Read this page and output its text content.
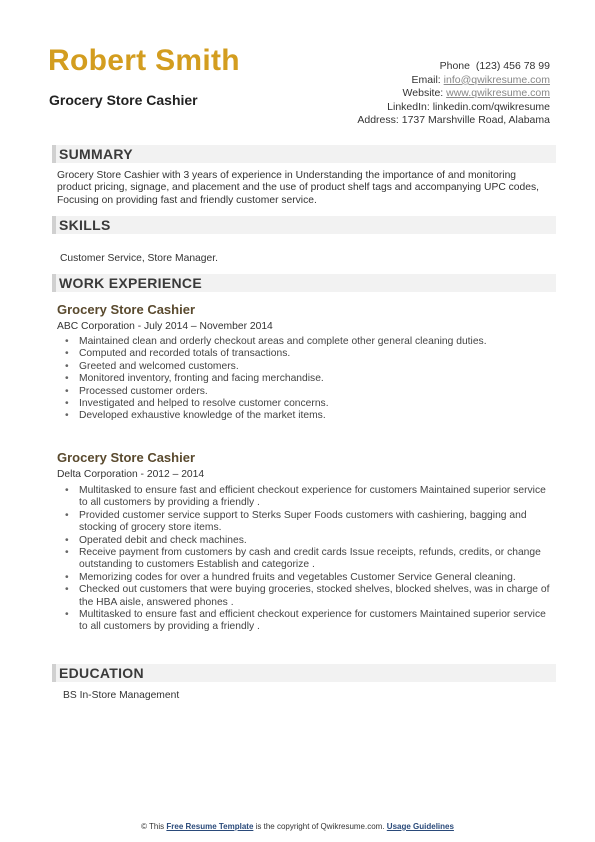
Robert Smith
Grocery Store Cashier
Phone (123) 456 78 99
Email: info@qwikresume.com
Website: www.qwikresume.com
LinkedIn: linkedin.com/qwikresume
Address: 1737 Marshville Road, Alabama
SUMMARY
Grocery Store Cashier with 3 years of experience in Understanding the importance of and monitoring product pricing, signage, and placement and the use of product shelf tags and accompanying UPC codes, Focusing on providing fast and friendly customer service.
SKILLS
Customer Service, Store Manager.
WORK EXPERIENCE
Grocery Store Cashier
ABC Corporation - July 2014 – November 2014
• Maintained clean and orderly checkout areas and complete other general cleaning duties.
• Computed and recorded totals of transactions.
• Greeted and welcomed customers.
• Monitored inventory, fronting and facing merchandise.
• Processed customer orders.
• Investigated and helped to resolve customer concerns.
• Developed exhaustive knowledge of the market items.
Grocery Store Cashier
Delta Corporation - 2012 – 2014
• Multitasked to ensure fast and efficient checkout experience for customers Maintained superior service to all customers by providing a friendly .
• Provided customer service support to Sterks Super Foods customers with cashiering, bagging and stocking of grocery store items.
• Operated debit and check machines.
• Receive payment from customers by cash and credit cards Issue receipts, refunds, credits, or change outstanding to customers Establish and categorize .
• Memorizing codes for over a hundred fruits and vegetables Customer Service General cleaning.
• Checked out customers that were buying groceries, stocked shelves, blocked shelves, was in charge of the HBA aisle, answered phones .
• Multitasked to ensure fast and efficient checkout experience for customers Maintained superior service to all customers by providing a friendly .
EDUCATION
BS In-Store Management
© This Free Resume Template is the copyright of Qwikresume.com. Usage Guidelines
